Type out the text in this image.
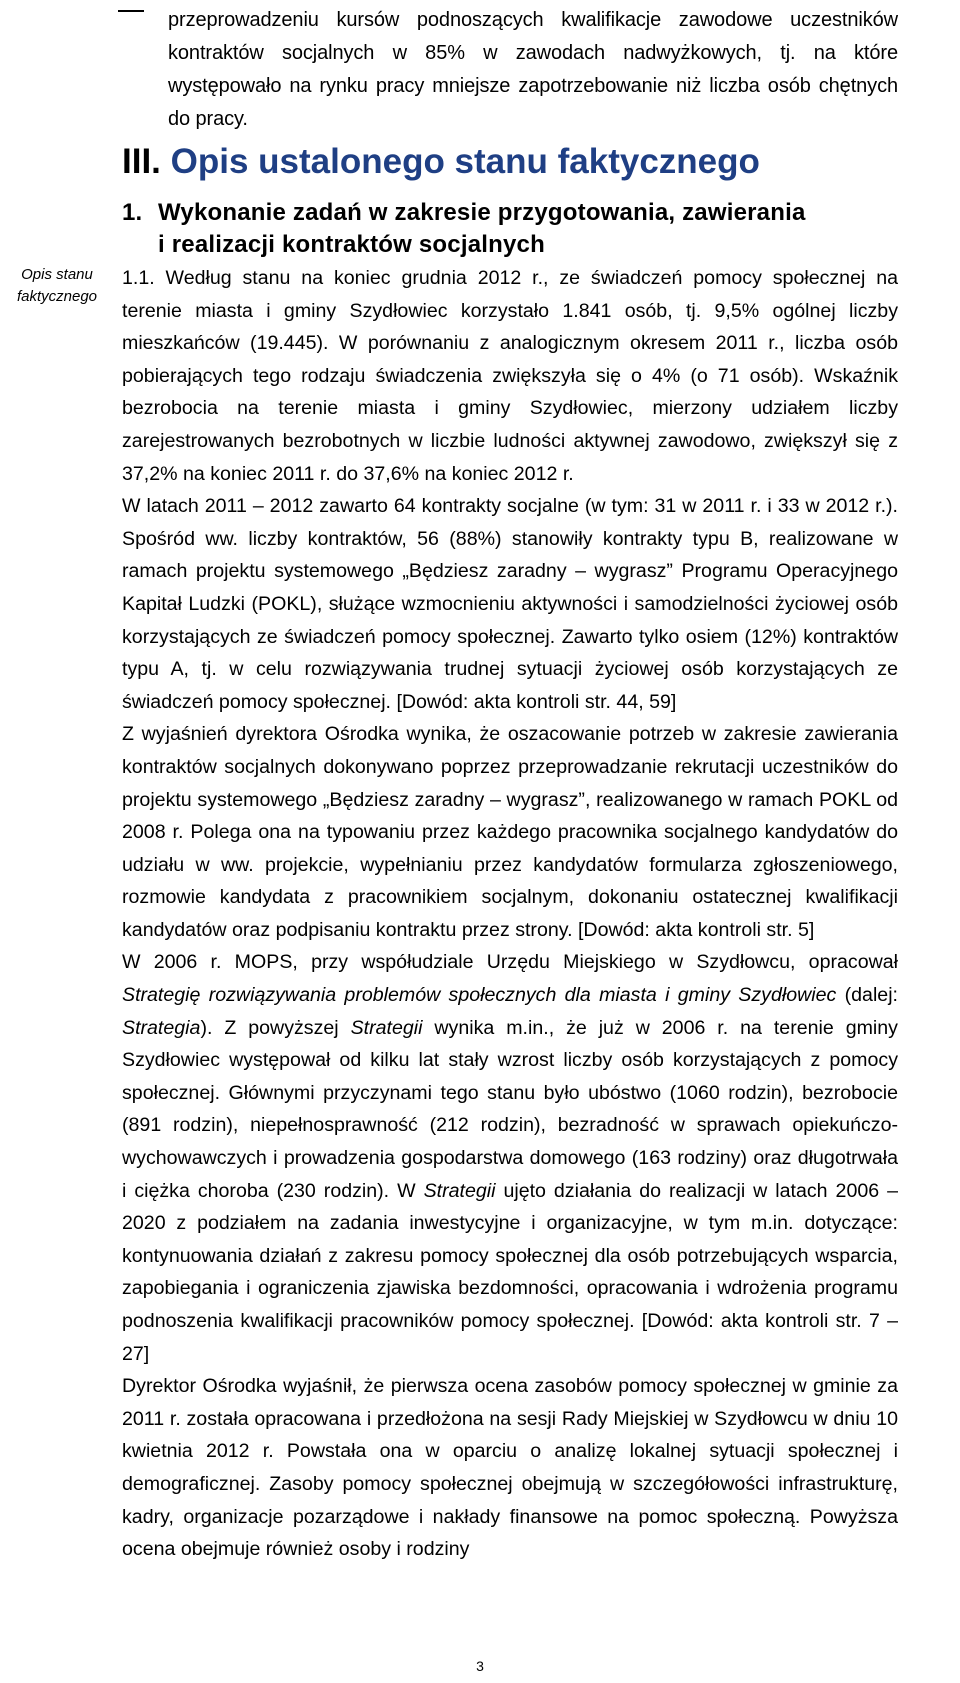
przeprowadzeniu kursów podnoszących kwalifikacje zawodowe uczestników kontraktów socjalnych w 85% w zawodach nadwyżkowych, tj. na które występowało na rynku pracy mniejsze zapotrzebowanie niż liczba osób chętnych do pracy.
III. Opis ustalonego stanu faktycznego
1. Wykonanie zadań w zakresie przygotowania, zawierania
i realizacji kontraktów socjalnych
Opis stanu faktycznego

1.1. Według stanu na koniec grudnia 2012 r., ze świadczeń pomocy społecznej na terenie miasta i gminy Szydłowiec korzystało 1.841 osób, tj. 9,5% ogólnej liczby mieszkańców (19.445). W porównaniu z analogicznym okresem 2011 r., liczba osób pobierających tego rodzaju świadczenia zwiększyła się o 4% (o 71 osób). Wskaźnik bezrobocia na terenie miasta i gminy Szydłowiec, mierzony udziałem liczby zarejestrowanych bezrobotnych w liczbie ludności aktywnej zawodowo, zwiększył się z 37,2% na koniec 2011 r. do 37,6% na koniec 2012 r.

W latach 2011 – 2012 zawarto 64 kontrakty socjalne (w tym: 31 w 2011 r. i 33 w 2012 r.). Spośród ww. liczby kontraktów, 56 (88%) stanowiły kontrakty typu B, realizowane w ramach projektu systemowego „Będziesz zaradny – wygrasz” Programu Operacyjnego Kapitał Ludzki (POKL), służące wzmocnieniu aktywności i samodzielności życiowej osób korzystających ze świadczeń pomocy społecznej. Zawarto tylko osiem (12%) kontraktów typu A, tj. w celu rozwiązywania trudnej sytuacji życiowej osób korzystających ze świadczeń pomocy społecznej. [Dowód: akta kontroli str. 44, 59]

Z wyjaśnień dyrektora Ośrodka wynika, że oszacowanie potrzeb w zakresie zawierania kontraktów socjalnych dokonywano poprzez przeprowadzanie rekrutacji uczestników do projektu systemowego „Będziesz zaradny – wygrasz”, realizowanego w ramach POKL od 2008 r. Polega ona na typowaniu przez każdego pracownika socjalnego kandydatów do udziału w ww. projekcie, wypełnianiu przez kandydatów formularza zgłoszeniowego, rozmowie kandydata z pracownikiem socjalnym, dokonaniu ostatecznej kwalifikacji kandydatów oraz podpisaniu kontraktu przez strony. [Dowód: akta kontroli str. 5]

W 2006 r. MOPS, przy współudziale Urzędu Miejskiego w Szydłowcu, opracował Strategię rozwiązywania problemów społecznych dla miasta i gminy Szydłowiec (dalej: Strategia). Z powyższej Strategii wynika m.in., że już w 2006 r. na terenie gminy Szydłowiec występował od kilku lat stały wzrost liczby osób korzystających z pomocy społecznej. Głównymi przyczynami tego stanu było ubóstwo (1060 rodzin), bezrobocie (891 rodzin), niepełnosprawność (212 rodzin), bezradność w sprawach opiekuńczo-wychowawczych i prowadzenia gospodarstwa domowego (163 rodziny) oraz długotrwała i ciężka choroba (230 rodzin). W Strategii ujęto działania do realizacji w latach 2006 – 2020 z podziałem na zadania inwestycyjne i organizacyjne, w tym m.in. dotyczące: kontynuowania działań z zakresu pomocy społecznej dla osób potrzebujących wsparcia, zapobiegania i ograniczenia zjawiska bezdomności, opracowania i wdrożenia programu podnoszenia kwalifikacji pracowników pomocy społecznej. [Dowód: akta kontroli str. 7 – 27]

Dyrektor Ośrodka wyjaśnił, że pierwsza ocena zasobów pomocy społecznej w gminie za 2011 r. została opracowana i przedłożona na sesji Rady Miejskiej w Szydłowcu w dniu 10 kwietnia 2012 r. Powstała ona w oparciu o analizę lokalnej sytuacji społecznej i demograficznej. Zasoby pomocy społecznej obejmują w szczegółowości infrastrukturę, kadry, organizacje pozarządowe i nakłady finansowe na pomoc społeczną. Powyższa ocena obejmuje również osoby i rodziny

3
